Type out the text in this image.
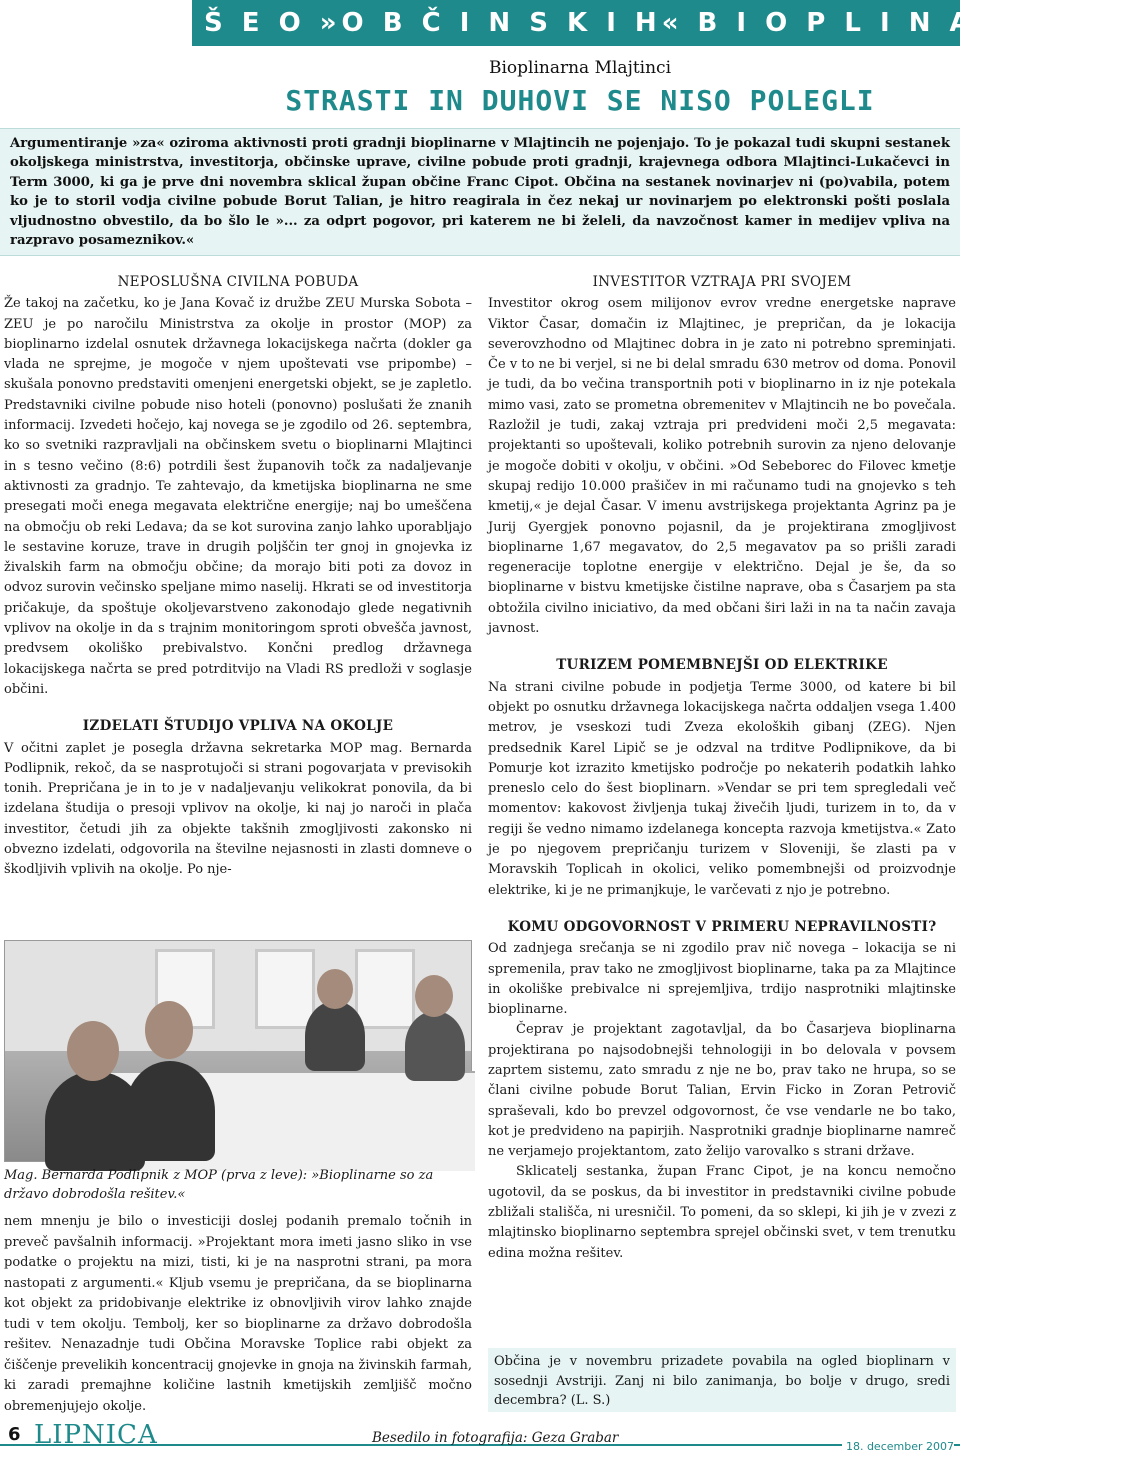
Š E O »O B Č I N S K I H« B I O P L I N A R N A H
Bioplinarna Mlajtinci
STRASTI IN DUHOVI SE NISO POLEGLI
Argumentiranje »za« oziroma aktivnosti proti gradnji bioplinarne v Mlajtincih ne pojenjajo. To je pokazal tudi skupni sestanek okoljskega ministrstva, investitorja, občinske uprave, civilne pobude proti gradnji, krajevnega odbora Mlajtinci-Lukačevci in Term 3000, ki ga je prve dni novembra sklical župan občine Franc Cipot. Občina na sestanek novinarjev ni (po)vabila, potem ko je to storil vodja civilne pobude Borut Talian, je hitro reagirala in čez nekaj ur novinarjem po elektronski pošti poslala vljudnostno obvestilo, da bo šlo le »... za odprt pogovor, pri katerem ne bi želeli, da navzočnost kamer in medijev vpliva na razpravo posameznikov.«
NEPOSLUŠNA CIVILNA POBUDA

Že takoj na začetku, ko je Jana Kovač iz družbe ZEU Murska Sobota – ZEU je po naročilu Ministrstva za okolje in prostor (MOP) za bioplinarno izdelal osnutek državnega lokacijskega načrta (dokler ga vlada ne sprejme, je mogoče v njem upoštevati vse pripombe) – skušala ponovno predstaviti omenjeni energetski objekt, se je zapletlo. Predstavniki civilne pobude niso hoteli (ponovno) poslušati že znanih informacij. Izvedeti hočejo, kaj novega se je zgodilo od 26. septembra, ko so svetniki razpravljali na občinskem svetu o bioplinarni Mlajtinci in s tesno večino (8:6) potrdili šest županovih točk za nadaljevanje aktivnosti za gradnjo. Te zahtevajo, da kmetijska bioplinarna ne sme presegati moči enega megavata električne energije; naj bo umeščena na območju ob reki Ledava; da se kot surovina zanjo lahko uporabljajo le sestavine koruze, trave in drugih poljščin ter gnoj in gnojevka iz živalskih farm na območju občine; da morajo biti poti za dovoz in odvoz surovin večinsko speljane mimo naselij. Hkrati se od investitorja pričakuje, da spoštuje okoljevarstveno zakonodajo glede negativnih vplivov na okolje in da s trajnim monitoringom sproti obvešča javnost, predvsem okoliško prebivalstvo. Končni predlog državnega lokacijskega načrta se pred potrditvijo na Vladi RS predloži v soglasje občini.

IZDELATI ŠTUDIJO VPLIVA NA OKOLJE

V očitni zaplet je posegla državna sekretarka MOP mag. Bernarda Podlipnik, rekoč, da se nasprotujoči si strani pogovarjata v previsokih tonih. Prepričana je in to je v nadaljevanju velikokrat ponovila, da bi izdelana študija o presoji vplivov na okolje, ki naj jo naroči in plača investitor, četudi jih za objekte takšnih zmogljivosti zakonsko ni obvezno izdelati, odgovorila na številne nejasnosti in zlasti domneve o škodljivih vplivih na okolje. Po nje-

Mag. Bernarda Podlipnik z MOP (prva z leve): »Bioplinarne so za državo dobrodošla rešitev.«
nem mnenju je bilo o investiciji doslej podanih premalo točnih in preveč pavšalnih informacij. »Projektant mora imeti jasno sliko in vse podatke o projektu na mizi, tisti, ki je na nasprotni strani, pa mora nastopati z argumenti.« Kljub vsemu je prepričana, da se bioplinarna kot objekt za pridobivanje elektrike iz obnovljivih virov lahko znajde tudi v tem okolju. Tembolj, ker so bioplinarne za državo dobrodošla rešitev. Nenazadnje tudi Občina Moravske Toplice rabi objekt za čiščenje prevelikih koncentracij gnojevke in gnoja na živinskih farmah, ki zaradi premajhne količine lastnih kmetijskih zemljišč močno obremenjujejo okolje.
INVESTITOR VZTRAJA PRI SVOJEM

Investitor okrog osem milijonov evrov vredne energetske naprave Viktor Časar, domačin iz Mlajtinec, je prepričan, da je lokacija severovzhodno od Mlajtinec dobra in je zato ni potrebno spreminjati. Če v to ne bi verjel, si ne bi delal smradu 630 metrov od doma. Ponovil je tudi, da bo večina transportnih poti v bioplinarno in iz nje potekala mimo vasi, zato se prometna obremenitev v Mlajtincih ne bo povečala. Razložil je tudi, zakaj vztraja pri predvideni moči 2,5 megavata: projektanti so upoštevali, koliko potrebnih surovin za njeno delovanje je mogoče dobiti v okolju, v občini. »Od Sebeborec do Filovec kmetje skupaj redijo 10.000 prašičev in mi računamo tudi na gnojevko s teh kmetij,« je dejal Časar. V imenu avstrijskega projektanta Agrinz pa je Jurij Gyergjek ponovno pojasnil, da je projektirana zmogljivost bioplinarne 1,67 megavatov, do 2,5 megavatov pa so prišli zaradi regeneracije toplotne energije v električno. Dejal je še, da so bioplinarne v bistvu kmetijske čistilne naprave, oba s Časarjem pa sta obtožila civilno iniciativo, da med občani širi laži in na ta način zavaja javnost.

TURIZEM POMEMBNEJŠI OD ELEKTRIKE

Na strani civilne pobude in podjetja Terme 3000, od katere bi bil objekt po osnutku državnega lokacijskega načrta oddaljen vsega 1.400 metrov, je vseskozi tudi Zveza ekoloških gibanj (ZEG). Njen predsednik Karel Lipič se je odzval na trditve Podlipnikove, da bi Pomurje kot izrazito kmetijsko področje po nekaterih podatkih lahko preneslo celo do šest bioplinarn. »Vendar se pri tem spregledali več momentov: kakovost življenja tukaj živečih ljudi, turizem in to, da v regiji še vedno nimamo izdelanega koncepta razvoja kmetijstva.« Zato je po njegovem prepričanju turizem v Sloveniji, še zlasti pa v Moravskih Toplicah in okolici, veliko pomembnejši od proizvodnje elektrike, ki je ne primanjkuje, le varčevati z njo je potrebno.

KOMU ODGOVORNOST V PRIMERU NEPRAVILNOSTI?

Od zadnjega srečanja se ni zgodilo prav nič novega – lokacija se ni spremenila, prav tako ne zmogljivost bioplinarne, taka pa za Mlajtince in okoliške prebivalce ni sprejemljiva, trdijo nasprotniki mlajtinske bioplinarne.

Čeprav je projektant zagotavljal, da bo Časarjeva bioplinarna projektirana po najsodobnejši tehnologiji in bo delovala v povsem zaprtem sistemu, zato smradu z nje ne bo, prav tako ne hrupa, so se člani civilne pobude Borut Talian, Ervin Ficko in Zoran Petrovič spraševali, kdo bo prevzel odgovornost, če vse vendarle ne bo tako, kot je predvideno na papirjih. Nasprotniki gradnje bioplinarne namreč ne verjamejo projektantom, zato želijo varovalko s strani države.

Sklicatelj sestanka, župan Franc Cipot, je na koncu nemočno ugotovil, da se poskus, da bi investitor in predstavniki civilne pobude zbližali stališča, ni uresničil. To pomeni, da so sklepi, ki jih je v zvezi z mlajtinsko bioplinarno septembra sprejel občinski svet, v tem trenutku edina možna rešitev.

Občina je v novembru prizadete povabila na ogled bioplinarn v sosednji Avstriji. Zanj ni bilo zanimanja, bo bolje v drugo, sredi decembra? (L. S.)
6 LIPNICA	Besedilo in fotografija: Geza Grabar
18. december 2007
